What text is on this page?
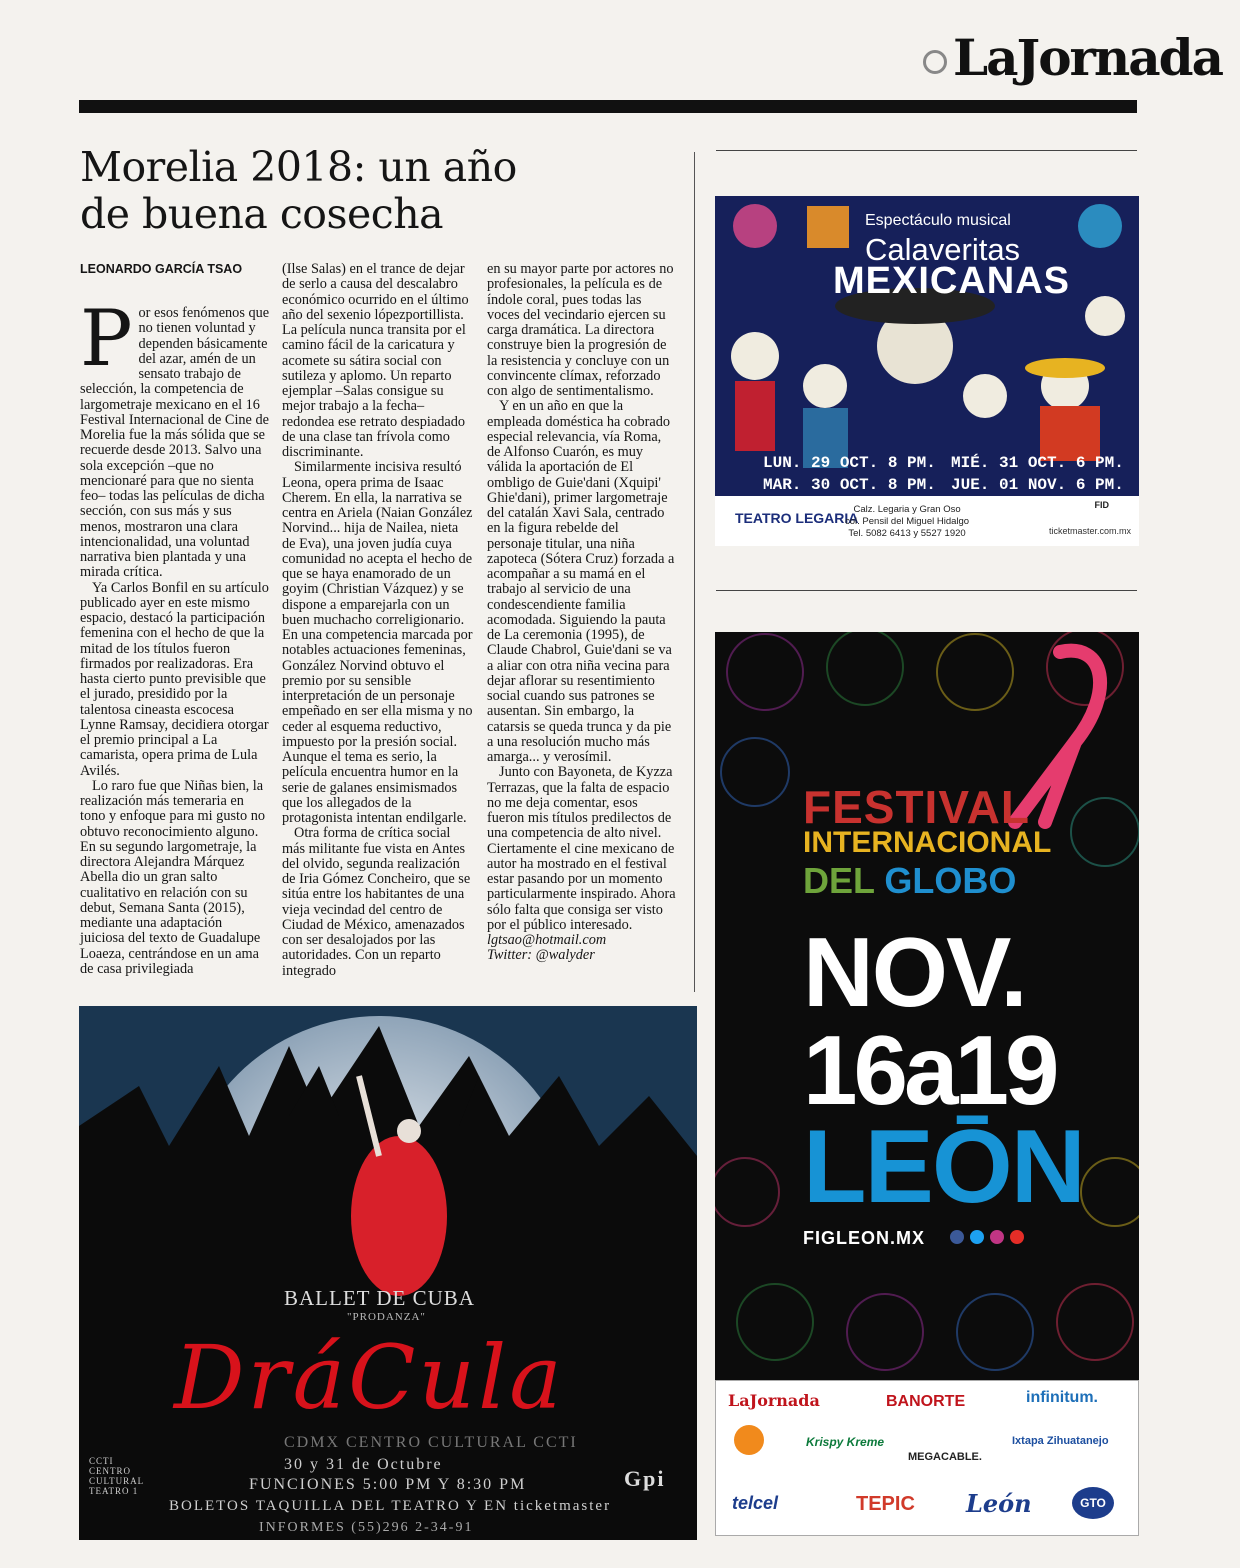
LaJornada
Morelia 2018: un año
de buena cosecha
LEONARDO GARCÍA TSAO

Por esos fenómenos que no tienen voluntad y dependen básicamente del azar, amén de un sensato trabajo de selección, la competencia de largometraje mexicano en el 16 Festival Internacional de Cine de Morelia fue la más sólida que se recuerde desde 2013. Salvo una sola excepción –que no mencionaré para que no sienta feo– todas las películas de dicha sección, con sus más y sus menos, mostraron una clara intencionalidad, una voluntad narrativa bien plantada y una mirada crítica.

Ya Carlos Bonfil en su artículo publicado ayer en este mismo espacio, destacó la participación femenina con el hecho de que la mitad de los títulos fueron firmados por realizadoras. Era hasta cierto punto previsible que el jurado, presidido por la talentosa cineasta escocesa Lynne Ramsay, decidiera otorgar el premio principal a La camarista, opera prima de Lula Avilés.

Lo raro fue que Niñas bien, la realización más temeraria en tono y enfoque para mi gusto no obtuvo reconocimiento alguno. En su segundo largometraje, la directora Alejandra Márquez Abella dio un gran salto cualitativo en relación con su debut, Semana Santa (2015), mediante una adaptación juiciosa del texto de Guadalupe Loaeza, centrándose en un ama de casa privilegiada

(Ilse Salas) en el trance de dejar de serlo a causa del descalabro económico ocurrido en el último año del sexenio lópezportillista. La película nunca transita por el camino fácil de la caricatura y acomete su sátira social con sutileza y aplomo. Un reparto ejemplar –Salas consigue su mejor trabajo a la fecha– redondea ese retrato despiadado de una clase tan frívola como discriminante.

Similarmente incisiva resultó Leona, opera prima de Isaac Cherem. En ella, la narrativa se centra en Ariela (Naian González Norvind... hija de Nailea, nieta de Eva), una joven judía cuya comunidad no acepta el hecho de que se haya enamorado de un goyim (Christian Vázquez) y se dispone a emparejarla con un buen muchacho correligionario. En una competencia marcada por notables actuaciones femeninas, González Norvind obtuvo el premio por su sensible interpretación de un personaje empeñado en ser ella misma y no ceder al esquema reductivo, impuesto por la presión social. Aunque el tema es serio, la película encuentra humor en la serie de galanes ensimismados que los allegados de la protagonista intentan endilgarle.

Otra forma de crítica social más militante fue vista en Antes del olvido, segunda realización de Iria Gómez Concheiro, que se sitúa entre los habitantes de una vieja vecindad del centro de Ciudad de México, amenazados con ser desalojados por las autoridades. Con un reparto integrado

en su mayor parte por actores no profesionales, la película es de índole coral, pues todas las voces del vecindario ejercen su carga dramática. La directora construye bien la progresión de la resistencia y concluye con un convincente clímax, reforzado con algo de sentimentalismo.

Y en un año en que la empleada doméstica ha cobrado especial relevancia, vía Roma, de Alfonso Cuarón, es muy válida la aportación de El ombligo de Guie'dani (Xquipi' Ghie'dani), primer largometraje del catalán Xavi Sala, centrado en la figura rebelde del personaje titular, una niña zapoteca (Sótera Cruz) forzada a acompañar a su mamá en el trabajo al servicio de una condescendiente familia acomodada. Siguiendo la pauta de La ceremonia (1995), de Claude Chabrol, Guie'dani se va a aliar con otra niña vecina para dejar aflorar su resentimiento social cuando sus patrones se ausentan. Sin embargo, la catarsis se queda trunca y da pie a una resolución mucho más amarga... y verosímil.

Junto con Bayoneta, de Kyzza Terrazas, que la falta de espacio no me deja comentar, esos fueron mis títulos predilectos de una competencia de alto nivel. Ciertamente el cine mexicano de autor ha mostrado en el festival estar pasando por un momento particularmente inspirado. Ahora sólo falta que consiga ser visto por el público interesado.

lgtsao@hotmail.com

Twitter: @walyder

Espectáculo musical
Calaveritas
MEXICANAS
LUN. 29 OCT. 8 PM. MIÉ. 31 OCT. 6 PM.
MAR. 30 OCT. 8 PM. JUE. 01 NOV. 6 PM.
TEATRO LEGARIA
Calz. Legaria y Gran Oso
col. Pensil del Miguel Hidalgo
Tel. 5082 6413 y 5527 1920
FID
ticketmaster.com.mx
FESTIVAL
INTERNACIONAL
DEL GLOBO
NOV.
16a19
LEŌN
FIGLEON.MX
LaJornada	BANORTE	infinitum.
Krispy Kreme
MEGACABLE.
Ixtapa Zihuatanejo
telcel	TEPIC León	GTO
BALLET DE CUBA
"PRODANZA"
DráCula
CDMX CENTRO CULTURAL CCTI
30 y 31 de Octubre
FUNCIONES 5:00 PM Y 8:30 PM
BOLETOS TAQUILLA DEL TEATRO Y EN ticketmaster
INFORMES (55)296 2-34-91
CCTI CENTRO CULTURAL TEATRO 1	Gpi
